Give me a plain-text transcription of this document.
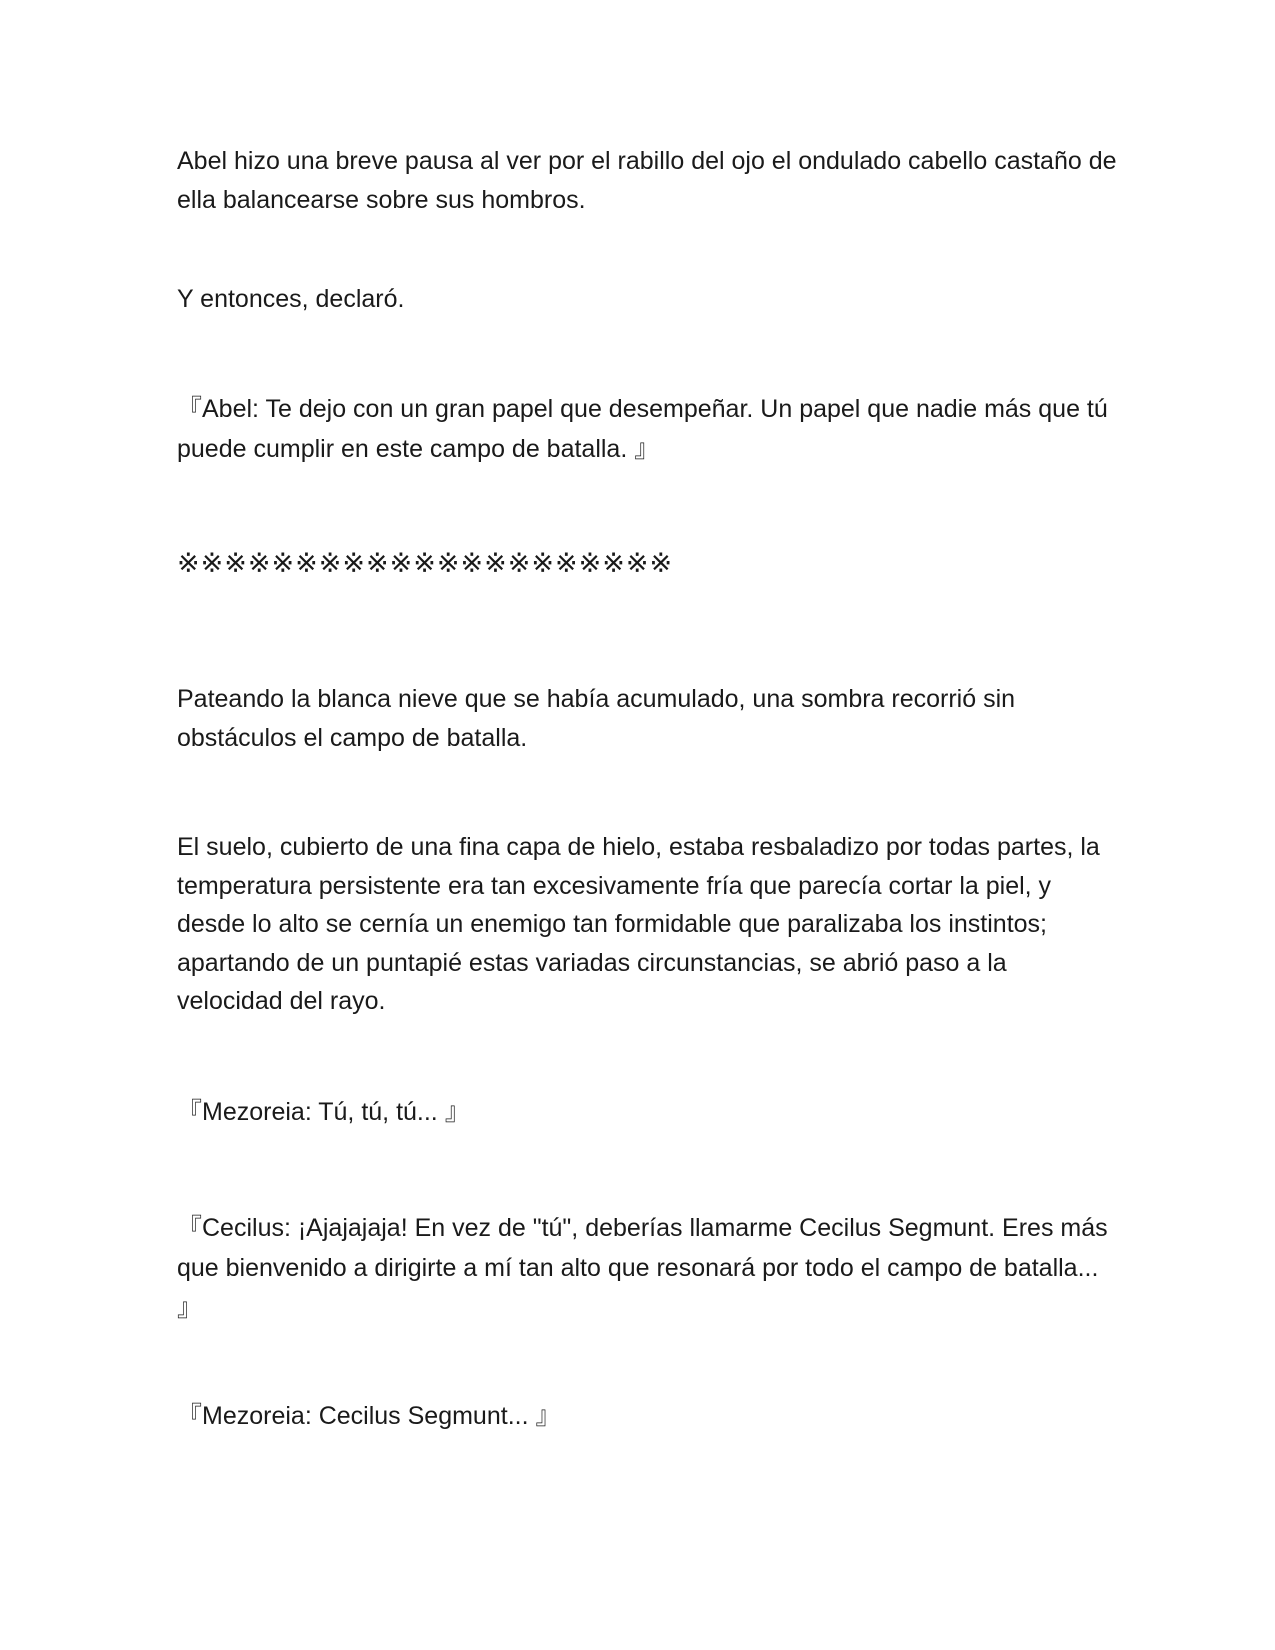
Abel hizo una breve pausa al ver por el rabillo del ojo el ondulado cabello castaño de ella balancearse sobre sus hombros.

Y entonces, declaró.

『Abel: Te dejo con un gran papel que desempeñar. Un papel que nadie más que tú puede cumplir en este campo de batalla. 』

※※※※※※※※※※※※※※※※※※※※※

Pateando la blanca nieve que se había acumulado, una sombra recorrió sin obstáculos el campo de batalla.

El suelo, cubierto de una fina capa de hielo, estaba resbaladizo por todas partes, la temperatura persistente era tan excesivamente fría que parecía cortar la piel, y desde lo alto se cernía un enemigo tan formidable que paralizaba los instintos; apartando de un puntapié estas variadas circunstancias, se abrió paso a la velocidad del rayo.

『Mezoreia: Tú, tú, tú... 』

『Cecilus: ¡Ajajajaja! En vez de "tú", deberías llamarme Cecilus Segmunt. Eres más que bienvenido a dirigirte a mí tan alto que resonará por todo el campo de batalla... 』

『Mezoreia: Cecilus Segmunt... 』
